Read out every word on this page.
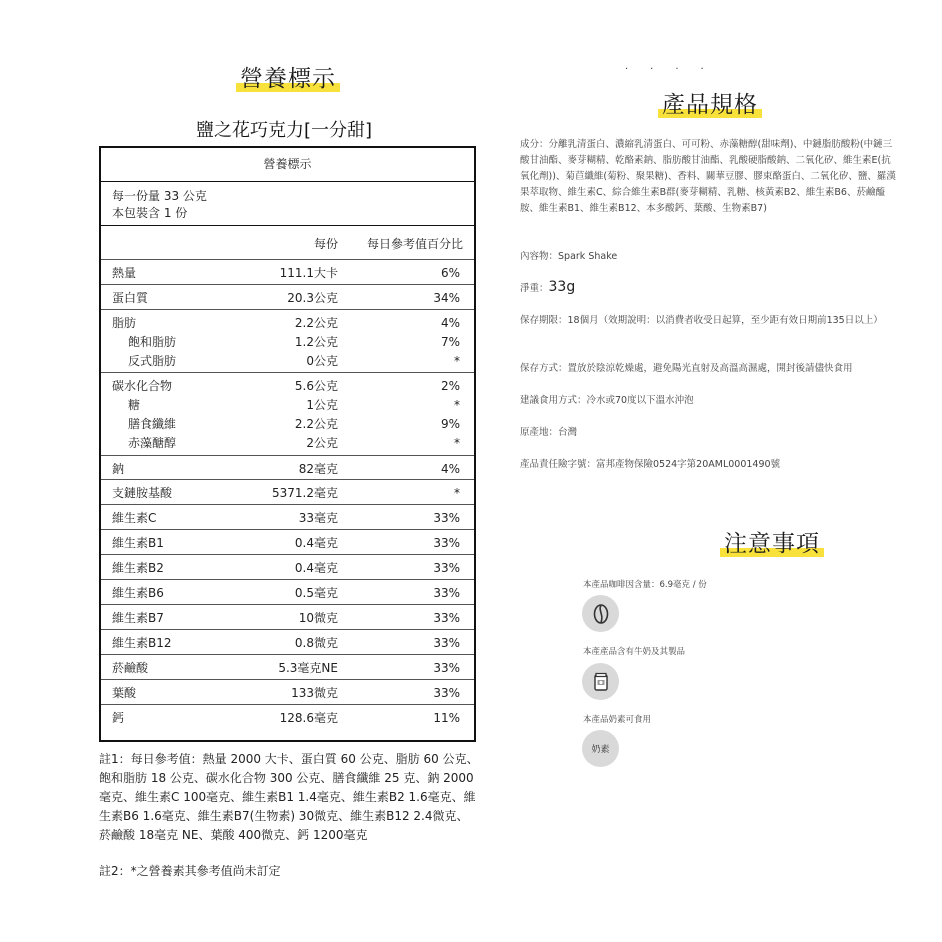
營養標示
鹽之花巧克力[一分甜]
營養標示
每一份量 33 公克
本包裝含 1 份
每份 每日參考值百分比
熱量	111.1大卡	6%
蛋白質	20.3公克	34%
脂肪	2.2公克	4%
飽和脂肪	1.2公克	7%
反式脂肪	0公克	*
碳水化合物	5.6公克	2%
糖	1公克	*
膳食纖維	2.2公克	9%
赤藻醣醇	2公克	*
鈉	82毫克	4%
支鏈胺基酸	5371.2毫克	*
維生素C	33毫克	33%
維生素B1	0.4毫克	33%
維生素B2	0.4毫克	33%
維生素B6	0.5毫克	33%
維生素B7	10微克	33%
維生素B12	0.8微克	33%
菸鹼酸	5.3毫克NE	33%
葉酸	133微克	33%
鈣	128.6毫克	11%
註1：每日參考值：熱量 2000 大卡、蛋白質 60 公克、脂肪 60 公克、飽和脂肪 18 公克、碳水化合物 300 公克、膳食纖維 25 克、鈉 2000 毫克、維生素C 100毫克、維生素B1 1.4毫克、維生素B2 1.6毫克、維生素B6 1.6毫克、維生素B7(生物素) 30微克、維生素B12 2.4微克、菸鹼酸 18毫克 NE、葉酸 400微克、鈣 1200毫克
註2：*之營養素其參考值尚未訂定
····
產品規格
成分：分離乳清蛋白、濃縮乳清蛋白、可可粉、赤藻糖醇(甜味劑)、中鏈脂肪酸粉(中鏈三酸甘油酯、麥芽糊精、乾酪素鈉、脂肪酸甘油酯、乳酸硬脂酸鈉、二氧化矽、維生素E(抗氧化劑))、菊苣纖維(菊粉、聚果糖)、香料、關華豆膠、膠束酪蛋白、二氧化矽、鹽、羅漢果萃取物、維生素C、綜合維生素B群(麥芽糊精、乳糖、核黃素B2、維生素B6、菸鹼醯胺、維生素B1、維生素B12、本多酸鈣、葉酸、生物素B7)
內容物：Spark Shake
淨重：33g
保存期限：18個月（效期說明：以消費者收受日起算，至少距有效日期前135日以上）
保存方式：置放於陰涼乾燥處，避免陽光直射及高溫高濕處，開封後請儘快食用
建議食用方式：冷水或70度以下溫水沖泡
原產地：台灣
產品責任險字號：富邦產物保險0524字第20AML0001490號
注意事項
本產品咖啡因含量：6.9毫克 / 份
本產產品含有牛奶及其製品
本產品奶素可食用
奶素
